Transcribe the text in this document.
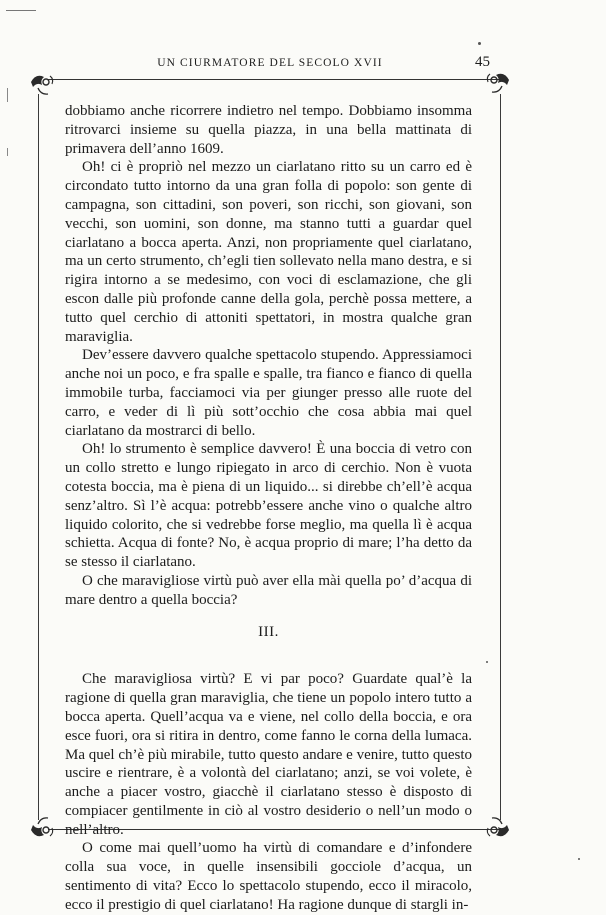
UN CIURMATORE DEL SECOLO XVII	45

dobbiamo anche ricorrere indietro nel tempo. Dobbiamo insomma ritrovarci insieme su quella piazza, in una bella mattinata di primavera dell’anno 1609.

Oh! ci è propriò nel mezzo un ciarlatano ritto su un carro ed è circondato tutto intorno da una gran folla di popolo: son gente di campagna, son cittadini, son poveri, son ricchi, son giovani, son vecchi, son uomini, son donne, ma stanno tutti a guardar quel ciarlatano a bocca aperta. Anzi, non propriamente quel ciarlatano, ma un certo strumento, ch’egli tien sollevato nella mano destra, e si rigira intorno a se medesimo, con voci di esclamazione, che gli escon dalle più profonde canne della gola, perchè possa mettere, a tutto quel cerchio di attoniti spettatori, in mostra qualche gran maraviglia.

Dev’essere davvero qualche spettacolo stupendo. Appressiamoci anche noi un poco, e fra spalle e spalle, tra fianco e fianco di quella immobile turba, facciamoci via per giunger presso alle ruote del carro, e veder di lì più sott’occhio che cosa abbia mai quel ciarlatano da mostrarci di bello.

Oh! lo strumento è semplice davvero! È una boccia di vetro con un collo stretto e lungo ripiegato in arco di cerchio. Non è vuota cotesta boccia, ma è piena di un liquido... si direbbe ch’ell’è acqua senz’altro. Sì l’è acqua: potrebb’essere anche vino o qualche altro liquido colorito, che si vedrebbe forse meglio, ma quella lì è acqua schietta. Acqua di fonte? No, è acqua proprio di mare; l’ha detto da se stesso il ciarlatano.

O che maravigliose virtù può aver ella mài quella po’ d’acqua di mare dentro a quella boccia?

III.

Che maravigliosa virtù? E vi par poco? Guardate qual’è la ragione di quella gran maraviglia, che tiene un popolo intero tutto a bocca aperta. Quell’acqua va e viene, nel collo della boccia, e ora esce fuori, ora si ritira in dentro, come fanno le corna della lumaca. Ma quel ch’è più mirabile, tutto questo andare e venire, tutto questo uscire e rientrare, è a volontà del ciarlatano; anzi, se voi volete, è anche a piacer vostro, giacchè il ciarlatano stesso è disposto di compiacer gentilmente in ciò al vostro desiderio o nell’un modo o nell’altro.

O come mai quell’uomo ha virtù di comandare e d’infondere colla sua voce, in quelle insensibili gocciole d’acqua, un sentimento di vita? Ecco lo spettacolo stupendo, ecco il miracolo, ecco il prestigio di quel ciarlatano! Ha ragione dunque di stargli in-
